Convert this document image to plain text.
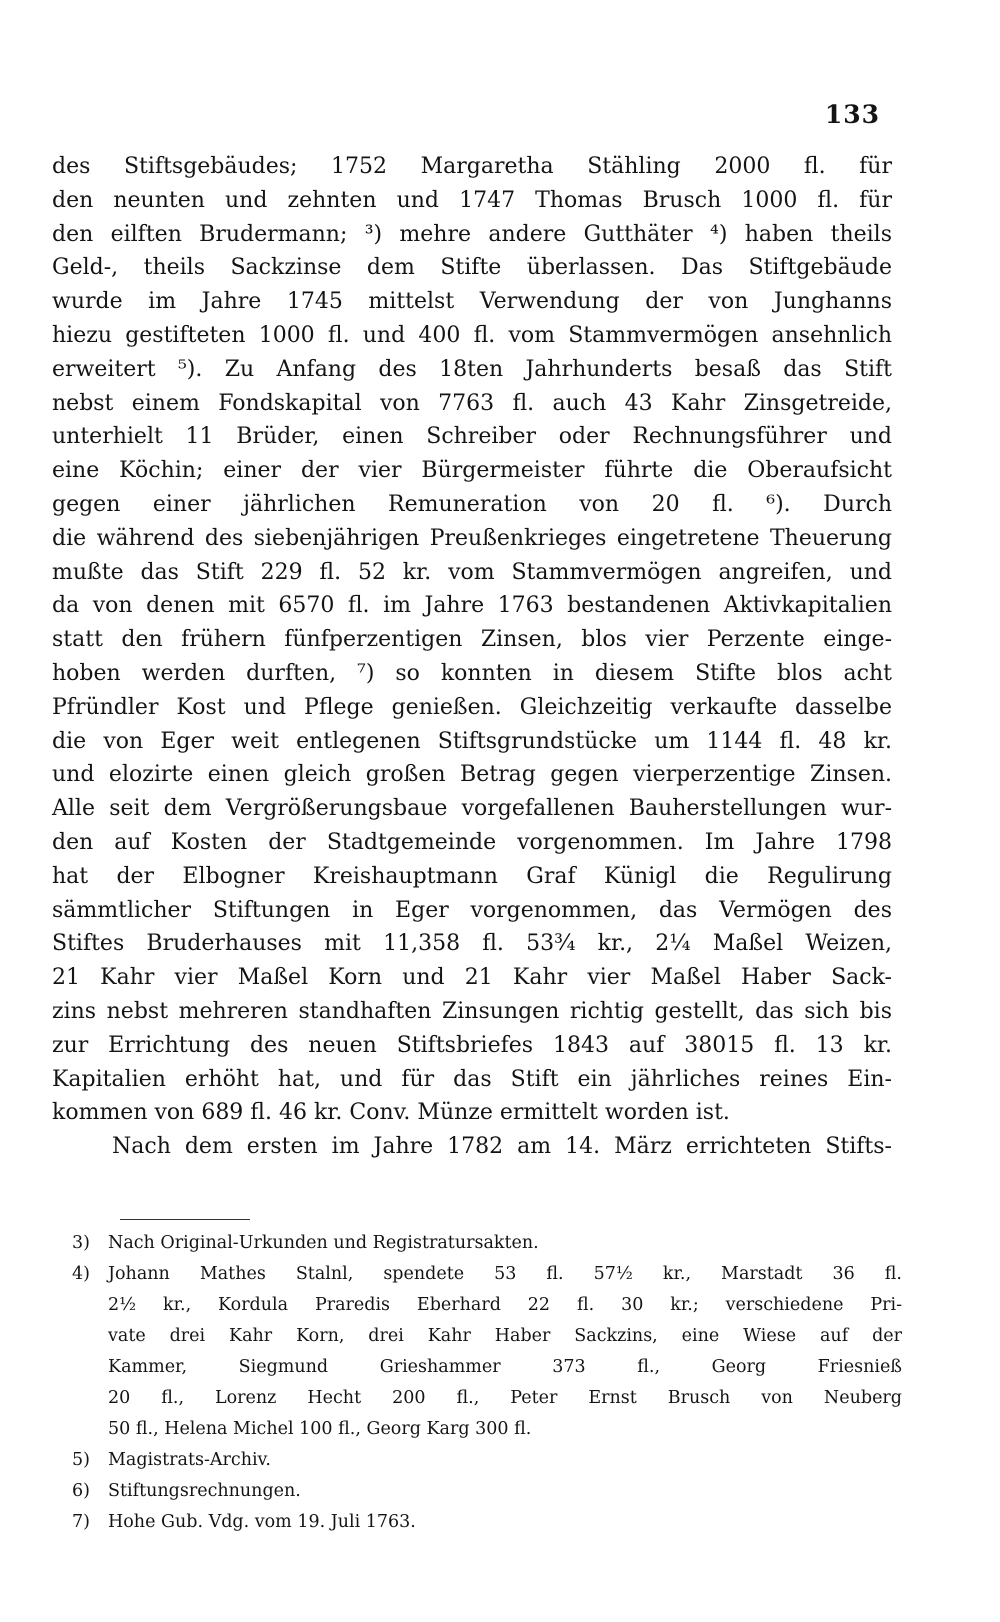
133
des Stiftsgebäudes; 1752 Margaretha Stähling 2000 fl. für
den neunten und zehnten und 1747 Thomas Brusch 1000 fl. für
den eilften Brudermann; ³) mehre andere Gutthäter ⁴) haben theils
Geld-, theils Sackzinse dem Stifte überlassen. Das Stiftgebäude
wurde im Jahre 1745 mittelst Verwendung der von Junghanns
hiezu gestifteten 1000 fl. und 400 fl. vom Stammvermögen ansehnlich
erweitert ⁵). Zu Anfang des 18ten Jahrhunderts besaß das Stift
nebst einem Fondskapital von 7763 fl. auch 43 Kahr Zinsgetreide,
unterhielt 11 Brüder, einen Schreiber oder Rechnungsführer und
eine Köchin; einer der vier Bürgermeister führte die Oberaufsicht
gegen einer jährlichen Remuneration von 20 fl. ⁶). Durch
die während des siebenjährigen Preußenkrieges eingetretene Theuerung
mußte das Stift 229 fl. 52 kr. vom Stammvermögen angreifen, und
da von denen mit 6570 fl. im Jahre 1763 bestandenen Aktivkapitalien
statt den frühern fünfperzentigen Zinsen, blos vier Perzente einge-
hoben werden durften, ⁷) so konnten in diesem Stifte blos acht
Pfründler Kost und Pflege genießen. Gleichzeitig verkaufte dasselbe
die von Eger weit entlegenen Stiftsgrundstücke um 1144 fl. 48 kr.
und elozirte einen gleich großen Betrag gegen vierperzentige Zinsen.
Alle seit dem Vergrößerungsbaue vorgefallenen Bauherstellungen wur-
den auf Kosten der Stadtgemeinde vorgenommen. Im Jahre 1798
hat der Elbogner Kreishauptmann Graf Künigl die Regulirung
sämmtlicher Stiftungen in Eger vorgenommen, das Vermögen des
Stiftes Bruderhauses mit 11,358 fl. 53¾ kr., 2¼ Maßel Weizen,
21 Kahr vier Maßel Korn und 21 Kahr vier Maßel Haber Sack-
zins nebst mehreren standhaften Zinsungen richtig gestellt, das sich bis
zur Errichtung des neuen Stiftsbriefes 1843 auf 38015 fl. 13 kr.
Kapitalien erhöht hat, und für das Stift ein jährliches reines Ein-
kommen von 689 fl. 46 kr. Conv. Münze ermittelt worden ist.
Nach dem ersten im Jahre 1782 am 14. März errichteten Stifts-
3) Nach Original-Urkunden und Registratursakten.
4) Johann Mathes Stalnl, spendete 53 fl. 57½ kr., Marstadt 36 fl.
2½ kr., Kordula Praredis Eberhard 22 fl. 30 kr.; verschiedene Pri-
vate drei Kahr Korn, drei Kahr Haber Sackzins, eine Wiese auf der
Kammer, Siegmund Grieshammer 373 fl., Georg Friesnieß
20 fl., Lorenz Hecht 200 fl., Peter Ernst Brusch von Neuberg
50 fl., Helena Michel 100 fl., Georg Karg 300 fl.
5) Magistrats-Archiv.
6) Stiftungsrechnungen.
7) Hohe Gub. Vdg. vom 19. Juli 1763.
